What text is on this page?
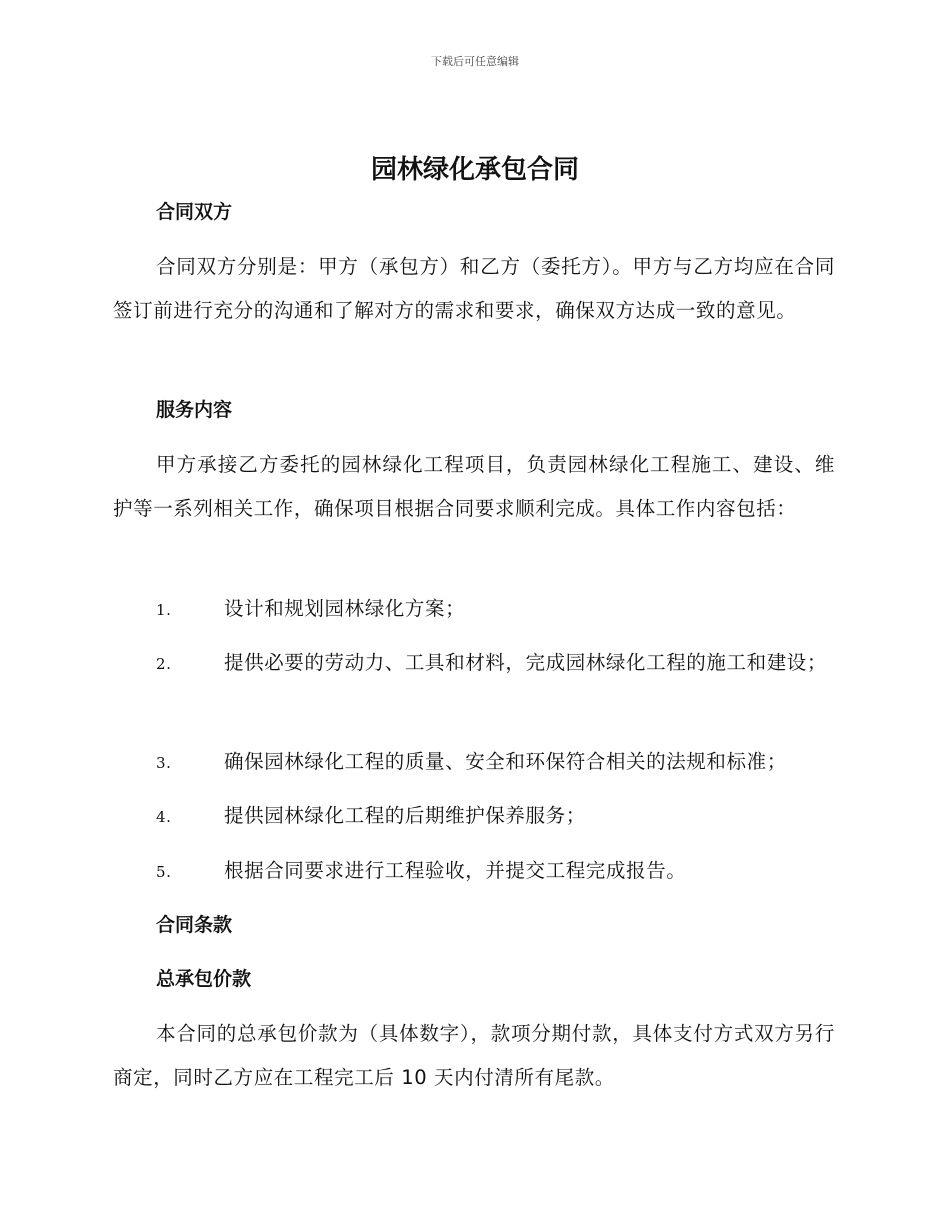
下载后可任意编辑
园林绿化承包合同
合同双方
合同双方分别是：甲方（承包方）和乙方（委托方）。甲方与乙方均应在合同签订前进行充分的沟通和了解对方的需求和要求，确保双方达成一致的意见。
服务内容
甲方承接乙方委托的园林绿化工程项目，负责园林绿化工程施工、建设、维护等一系列相关工作，确保项目根据合同要求顺利完成。具体工作内容包括：
1.	设计和规划园林绿化方案；
2.	提供必要的劳动力、工具和材料，完成园林绿化工程的施工和建设；
3.	确保园林绿化工程的质量、安全和环保符合相关的法规和标准；
4.	提供园林绿化工程的后期维护保养服务；
5.	根据合同要求进行工程验收，并提交工程完成报告。
合同条款
总承包价款
本合同的总承包价款为（具体数字），款项分期付款，具体支付方式双方另行商定，同时乙方应在工程完工后 10 天内付清所有尾款。
